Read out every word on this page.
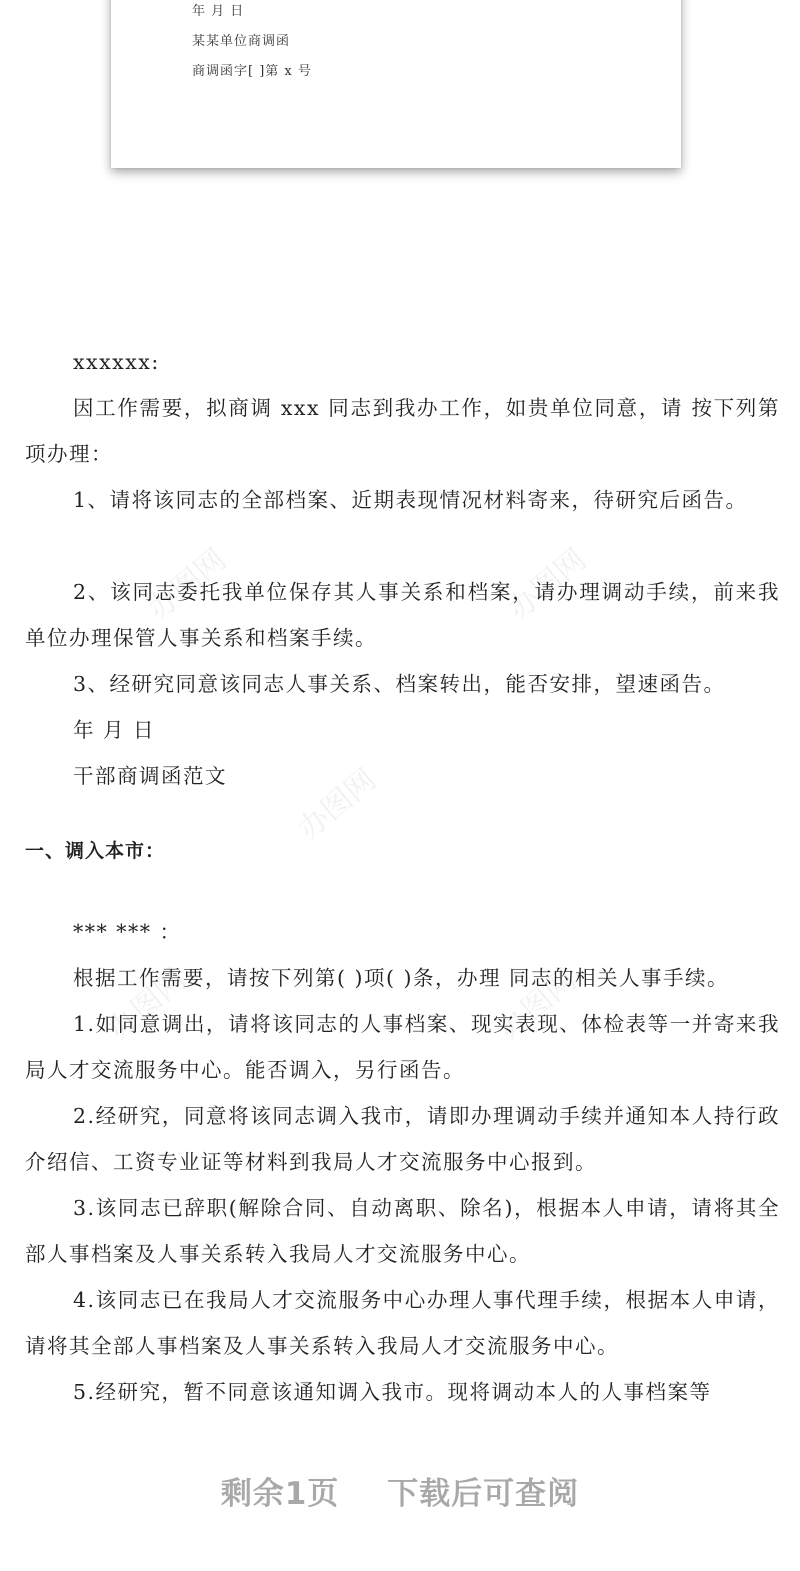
年 月 日
某某单位商调函
商调函字[ ]第 x 号
办图网	办图网
办图网
办图网	办图网
xxxxxx:
因工作需要，拟商调 xxx 同志到我办工作，如贵单位同意，请 按下列第 项办理：
1、请将该同志的全部档案、近期表现情况材料寄来，待研究后函告。
2、该同志委托我单位保存其人事关系和档案，请办理调动手续，前来我单位办理保管人事关系和档案手续。
3、经研究同意该同志人事关系、档案转出，能否安排，望速函告。
年 月 日
干部商调函范文
一、调入本市：
*** *** ：
根据工作需要，请按下列第( )项( )条，办理 同志的相关人事手续。
1.如同意调出，请将该同志的人事档案、现实表现、体检表等一并寄来我局人才交流服务中心。能否调入，另行函告。
2.经研究，同意将该同志调入我市，请即办理调动手续并通知本人持行政介绍信、工资专业证等材料到我局人才交流服务中心报到。
3.该同志已辞职(解除合同、自动离职、除名)，根据本人申请，请将其全部人事档案及人事关系转入我局人才交流服务中心。
4.该同志已在我局人才交流服务中心办理人事代理手续，根据本人申请，请将其全部人事档案及人事关系转入我局人才交流服务中心。
5.经研究，暂不同意该通知调入我市。现将调动本人的人事档案等
剩余1页 下载后可查阅
